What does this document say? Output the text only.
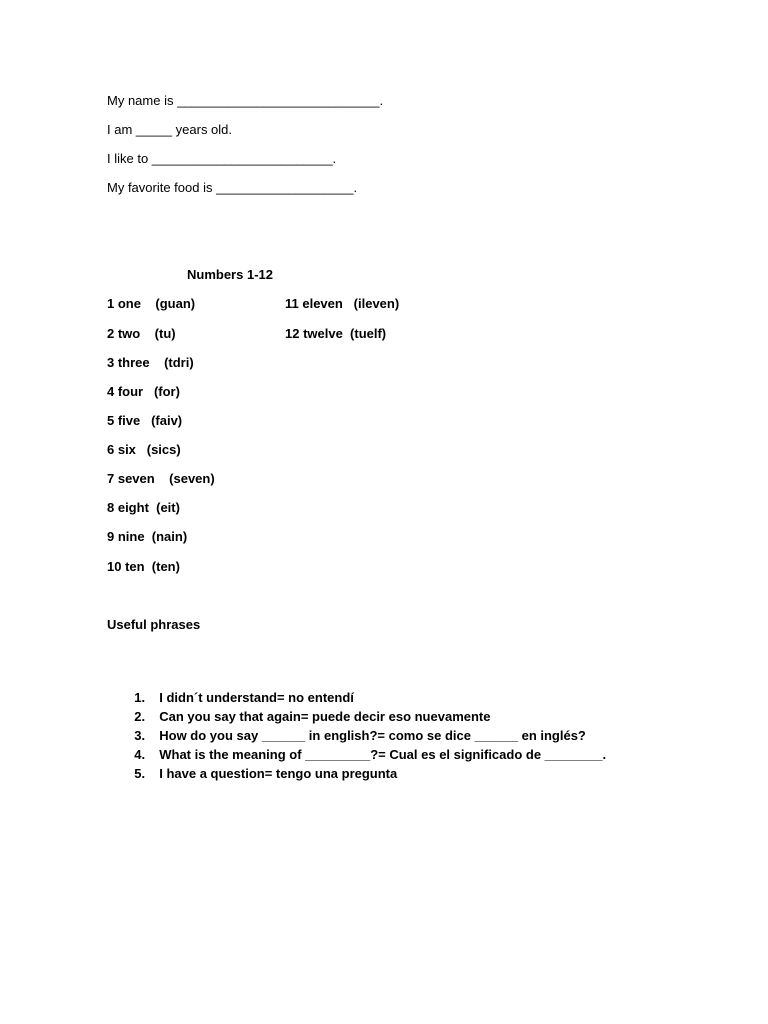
My name is ____________________________.
I am _____ years old.
I like to _________________________.
My favorite food is ___________________.
Numbers 1-12
1 one    (guan)
2 two    (tu)
3 three    (tdri)
4 four   (for)
5 five   (faiv)
6 six   (sics)
7 seven    (seven)
8 eight  (eit)
9 nine  (nain)
10 ten  (ten)
11 eleven   (ileven)
12 twelve  (tuelf)
Useful phrases

1. I didn´t understand= no entendí

2. Can you say that again= puede decir eso nuevamente

3. How do you say ______ in english?= como se dice ______ en inglés?

4. What is the meaning of _________?= Cual es el significado de ________.

5. I have a question= tengo una pregunta
